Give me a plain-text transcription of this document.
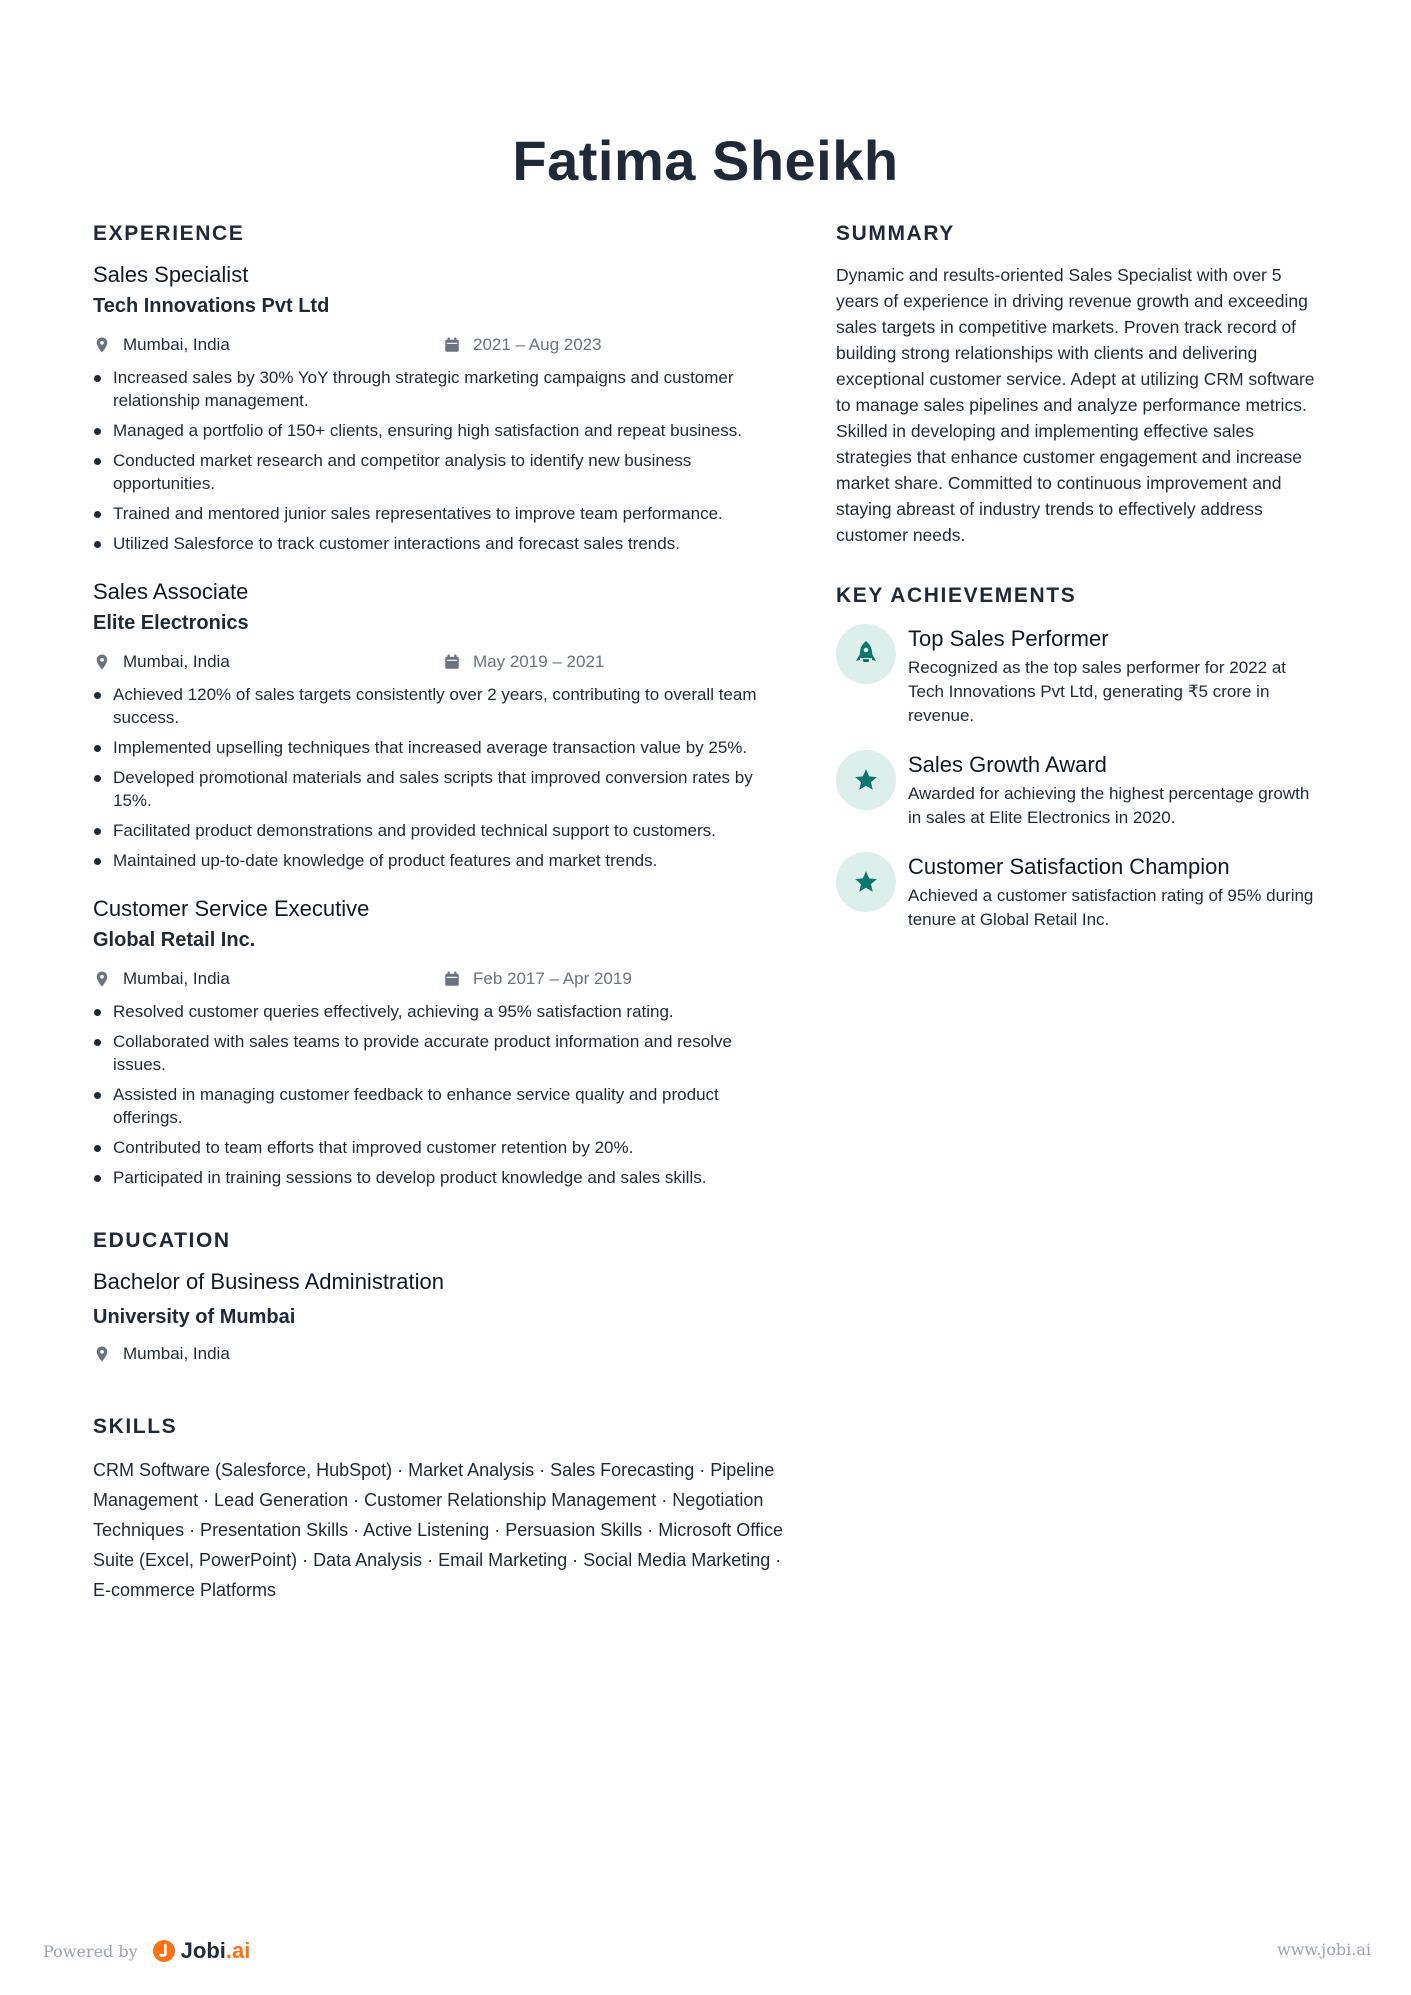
Fatima Sheikh
EXPERIENCE
Sales Specialist
Tech Innovations Pvt Ltd
Mumbai, India	2021 – Aug 2023
Increased sales by 30% YoY through strategic marketing campaigns and customer relationship management.
Managed a portfolio of 150+ clients, ensuring high satisfaction and repeat business.
Conducted market research and competitor analysis to identify new business opportunities.
Trained and mentored junior sales representatives to improve team performance.
Utilized Salesforce to track customer interactions and forecast sales trends.
Sales Associate
Elite Electronics
Mumbai, India	May 2019 – 2021
Achieved 120% of sales targets consistently over 2 years, contributing to overall team success.
Implemented upselling techniques that increased average transaction value by 25%.
Developed promotional materials and sales scripts that improved conversion rates by 15%.
Facilitated product demonstrations and provided technical support to customers.
Maintained up-to-date knowledge of product features and market trends.
Customer Service Executive
Global Retail Inc.
Mumbai, India	Feb 2017 – Apr 2019
Resolved customer queries effectively, achieving a 95% satisfaction rating.
Collaborated with sales teams to provide accurate product information and resolve issues.
Assisted in managing customer feedback to enhance service quality and product offerings.
Contributed to team efforts that improved customer retention by 20%.
Participated in training sessions to develop product knowledge and sales skills.
EDUCATION
Bachelor of Business Administration
University of Mumbai
Mumbai, India
SKILLS
CRM Software (Salesforce, HubSpot) · Market Analysis · Sales Forecasting · Pipeline Management · Lead Generation · Customer Relationship Management · Negotiation Techniques · Presentation Skills · Active Listening · Persuasion Skills · Microsoft Office Suite (Excel, PowerPoint) · Data Analysis · Email Marketing · Social Media Marketing · E-commerce Platforms
SUMMARY

Dynamic and results-oriented Sales Specialist with over 5 years of experience in driving revenue growth and exceeding sales targets in competitive markets. Proven track record of building strong relationships with clients and delivering exceptional customer service. Adept at utilizing CRM software to manage sales pipelines and analyze performance metrics. Skilled in developing and implementing effective sales strategies that enhance customer engagement and increase market share. Committed to continuous improvement and staying abreast of industry trends to effectively address customer needs.

KEY ACHIEVEMENTS
Top Sales Performer
Recognized as the top sales performer for 2022 at Tech Innovations Pvt Ltd, generating ₹5 crore in revenue.
Sales Growth Award
Awarded for achieving the highest percentage growth in sales at Elite Electronics in 2020.
Customer Satisfaction Champion
Achieved a customer satisfaction rating of 95% during tenure at Global Retail Inc.
Powered by Jobi.ai	www.jobi.ai
